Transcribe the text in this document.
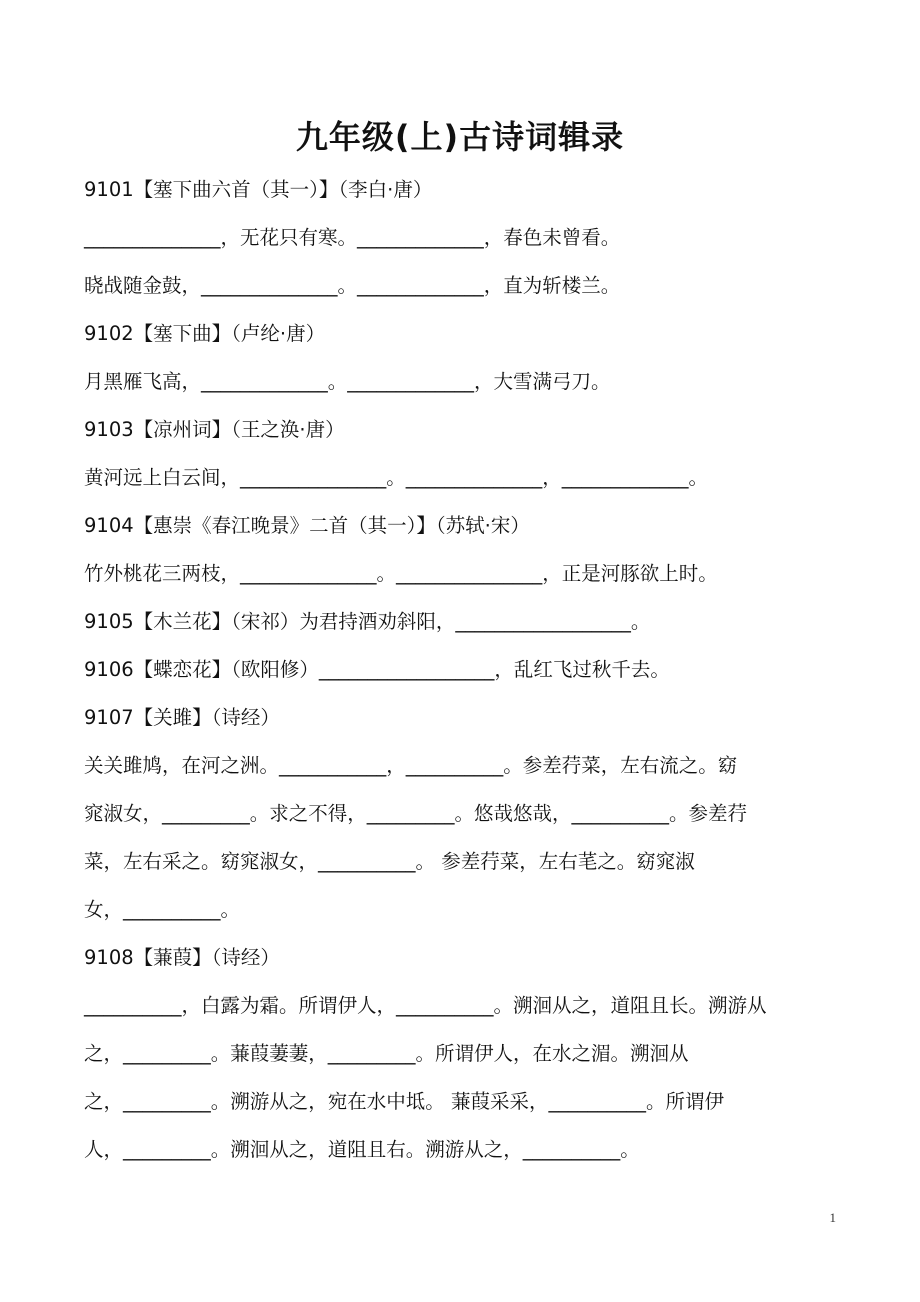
九年级(上)古诗词辑录
9101【塞下曲六首（其一）】（李白·唐）
______________，无花只有寒。_____________，春色未曾看。
晓战随金鼓，______________。_____________，直为斩楼兰。
9102【塞下曲】（卢纶·唐）
月黑雁飞高，_____________。_____________，大雪满弓刀。
9103【凉州词】（王之涣·唐）
黄河远上白云间，_______________。______________，_____________。
9104【惠崇《春江晚景》二首（其一）】（苏轼·宋）
竹外桃花三两枝，______________。_______________，正是河豚欲上时。
9105【木兰花】（宋祁）为君持酒劝斜阳，__________________。
9106【蝶恋花】（欧阳修）__________________，乱红飞过秋千去。
9107【关雎】（诗经）
关关雎鸠，在河之洲。___________，__________。参差荇菜，左右流之。窈
窕淑女，_________。求之不得，_________。悠哉悠哉，__________。参差荇
菜，左右采之。窈窕淑女，__________。 参差荇菜，左右芼之。窈窕淑
女，__________。
9108【蒹葭】（诗经）
__________，白露为霜。所谓伊人，__________。溯洄从之，道阻且长。溯游从
之，_________。蒹葭萋萋，_________。所谓伊人，在水之湄。溯洄从
之，_________。溯游从之，宛在水中坻。 蒹葭采采，__________。所谓伊
人，_________。溯洄从之，道阻且右。溯游从之，__________。
1
